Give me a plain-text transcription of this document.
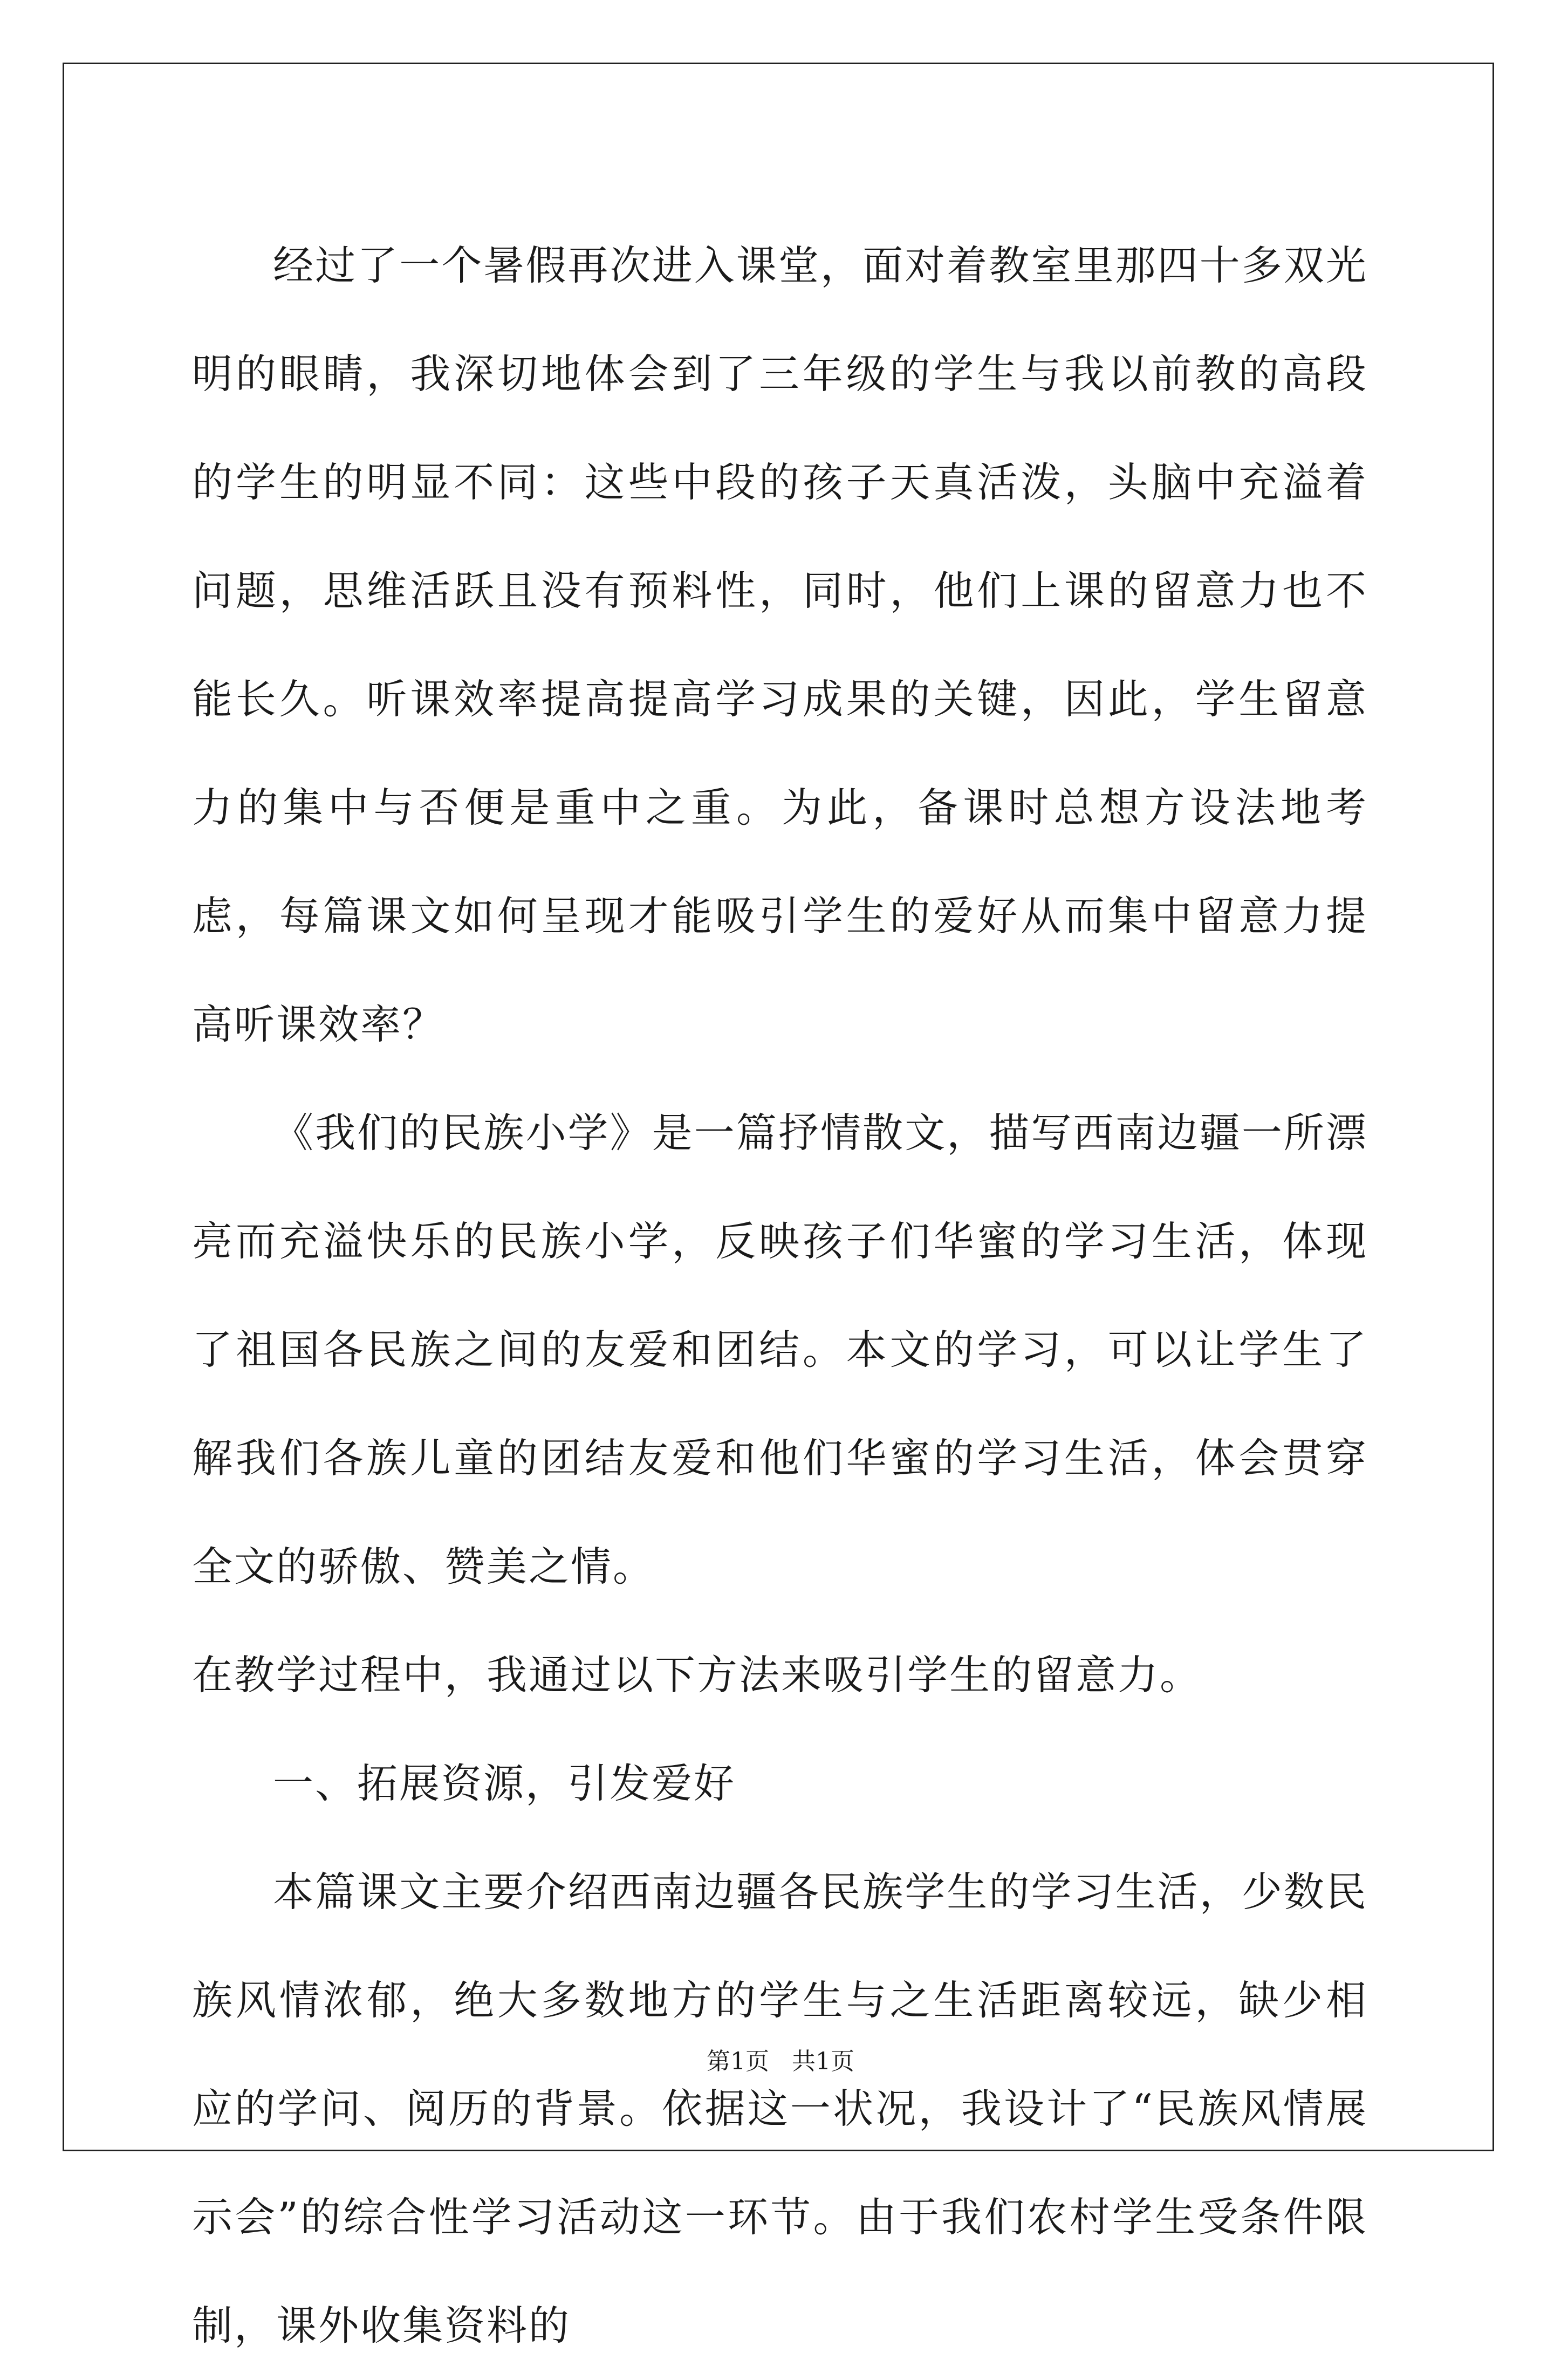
经过了一个暑假再次进入课堂，面对着教室里那四十多双光明的眼睛，我深切地体会到了三年级的学生与我以前教的高段的学生的明显不同：这些中段的孩子天真活泼，头脑中充溢着问题，思维活跃且没有预料性，同时，他们上课的留意力也不能长久。听课效率提高提高学习成果的关键，因此，学生留意力的集中与否便是重中之重。为此，备课时总想方设法地考虑，每篇课文如何呈现才能吸引学生的爱好从而集中留意力提高听课效率？

《我们的民族小学》是一篇抒情散文，描写西南边疆一所漂亮而充溢快乐的民族小学，反映孩子们华蜜的学习生活，体现了祖国各民族之间的友爱和团结。本文的学习，可以让学生了解我们各族儿童的团结友爱和他们华蜜的学习生活，体会贯穿全文的骄傲、赞美之情。

在教学过程中，我通过以下方法来吸引学生的留意力。

一、拓展资源，引发爱好

本篇课文主要介绍西南边疆各民族学生的学习生活，少数民族风情浓郁，绝大多数地方的学生与之生活距离较远，缺少相应的学问、阅历的背景。依据这一状况，我设计了“民族风情展示会”的综合性学习活动这一环节。由于我们农村学生受条件限制，课外收集资料的

第1页   共1页
